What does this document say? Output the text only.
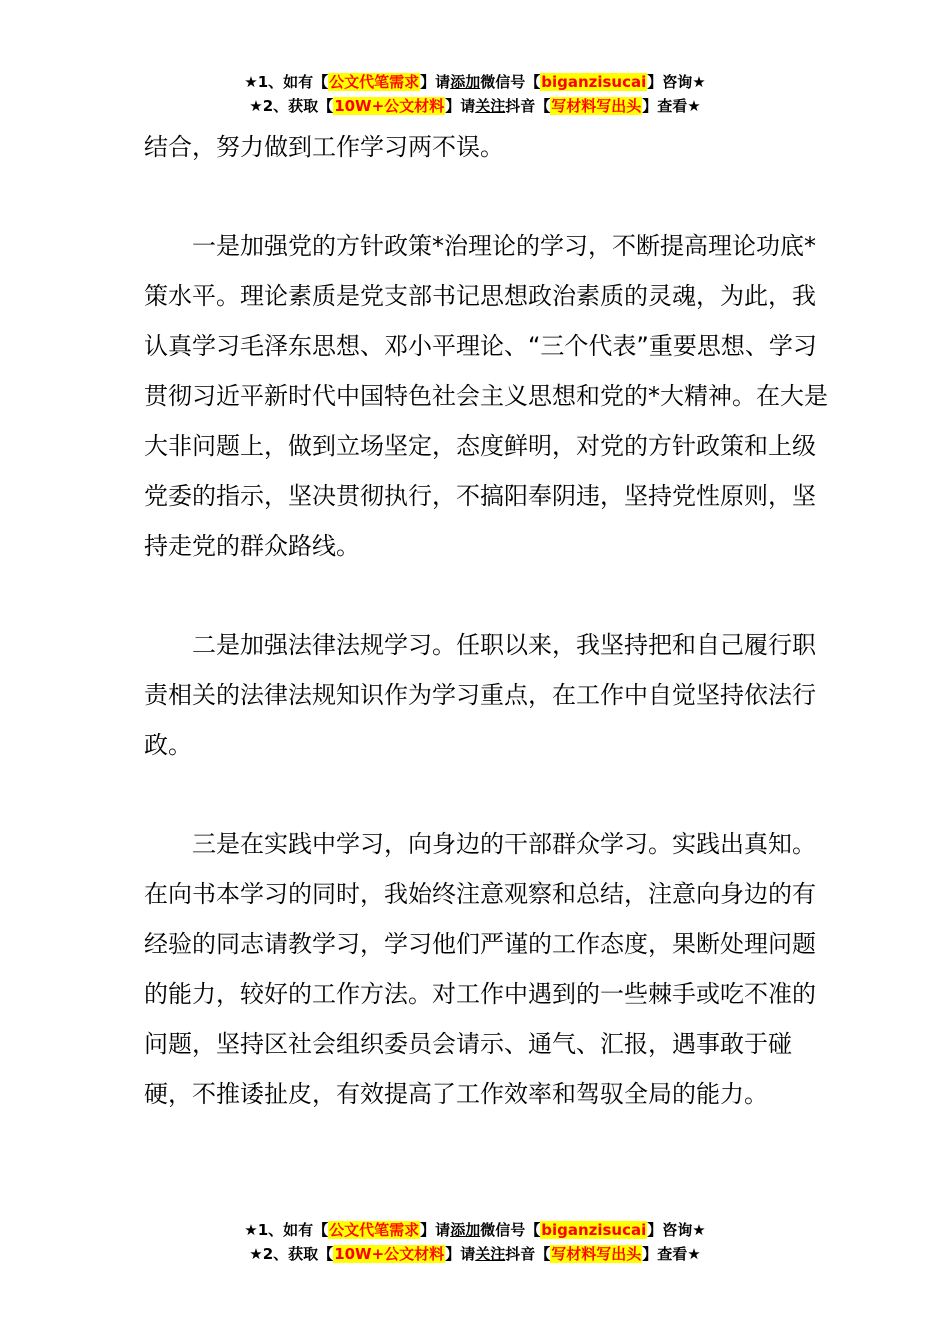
★1、如有【公文代笔需求】请添加微信号【biganzisucai】咨询★
★2、获取【10W+公文材料】请关注抖音【写材料写出头】查看★

结合，努力做到工作学习两不误。

一是加强党的方针政策*治理论的学习，不断提高理论功底*策水平。理论素质是党支部书记思想政治素质的灵魂，为此，我认真学习毛泽东思想、邓小平理论、“三个代表”重要思想、学习贯彻习近平新时代中国特色社会主义思想和党的*大精神。在大是大非问题上，做到立场坚定，态度鲜明，对党的方针政策和上级党委的指示，坚决贯彻执行，不搞阳奉阴违，坚持党性原则，坚持走党的群众路线。

二是加强法律法规学习。任职以来，我坚持把和自己履行职责相关的法律法规知识作为学习重点，在工作中自觉坚持依法行政。

三是在实践中学习，向身边的干部群众学习。实践出真知。在向书本学习的同时，我始终注意观察和总结，注意向身边的有经验的同志请教学习，学习他们严谨的工作态度，果断处理问题的能力，较好的工作方法。对工作中遇到的一些棘手或吃不准的问题，坚持区社会组织委员会请示、通气、汇报，遇事敢于碰硬，不推诿扯皮，有效提高了工作效率和驾驭全局的能力。

★1、如有【公文代笔需求】请添加微信号【biganzisucai】咨询★
★2、获取【10W+公文材料】请关注抖音【写材料写出头】查看★
